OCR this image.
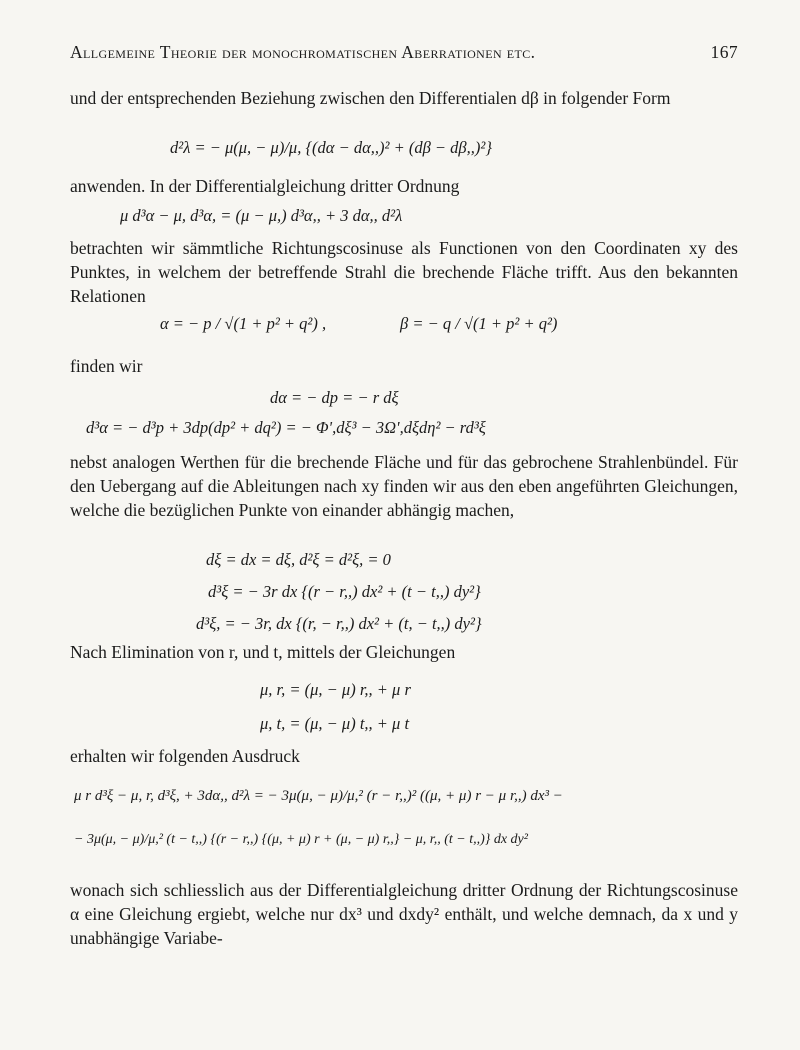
Allgemeine Theorie der monochromatischen Aberrationen etc.	167
und der entsprechenden Beziehung zwischen den Differentialen dβ in folgender Form
d²λ = − μ(μ, − μ)/μ, {(dα − dα,,)² + (dβ − dβ,,)²}
anwenden. In der Differentialgleichung dritter Ordnung
μ d³α − μ, d³α, = (μ − μ,) d³α,, + 3 dα,, d²λ
betrachten wir sämmtliche Richtungscosinuse als Functionen von den Coordinaten xy des Punktes, in welchem der betreffende Strahl die brechende Fläche trifft. Aus den bekannten Relationen
α = − p / √(1 + p² + q²) ,	β = − q / √(1 + p² + q²)
finden wir
dα = − dp = − r dξ
d³α = − d³p + 3dp(dp² + dq²) = − Φ',dξ³ − 3Ω',dξdη² − rd³ξ
nebst analogen Werthen für die brechende Fläche und für das gebrochene Strahlenbündel. Für den Uebergang auf die Ableitungen nach xy finden wir aus den eben angeführten Gleichungen, welche die bezüglichen Punkte von einander abhängig machen,
dξ = dx = dξ, d²ξ = d²ξ, = 0
d³ξ = − 3r dx {(r − r,,) dx² + (t − t,,) dy²}
d³ξ, = − 3r, dx {(r, − r,,) dx² + (t, − t,,) dy²}
Nach Elimination von r, und t, mittels der Gleichungen
μ, r, = (μ, − μ) r,, + μ r
μ, t, = (μ, − μ) t,, + μ t
erhalten wir folgenden Ausdruck
μ r d³ξ − μ, r, d³ξ, + 3dα,, d²λ = − 3μ(μ, − μ)/μ,² (r − r,,)² ((μ, + μ) r − μ r,,) dx³ −
− 3μ(μ, − μ)/μ,² (t − t,,) {(r − r,,) {(μ, + μ) r + (μ, − μ) r,,} − μ, r,, (t − t,,)} dx dy²
wonach sich schliesslich aus der Differentialgleichung dritter Ordnung der Richtungscosinuse α eine Gleichung ergiebt, welche nur dx³ und dxdy² enthält, und welche demnach, da x und y unabhängige Variabe-
